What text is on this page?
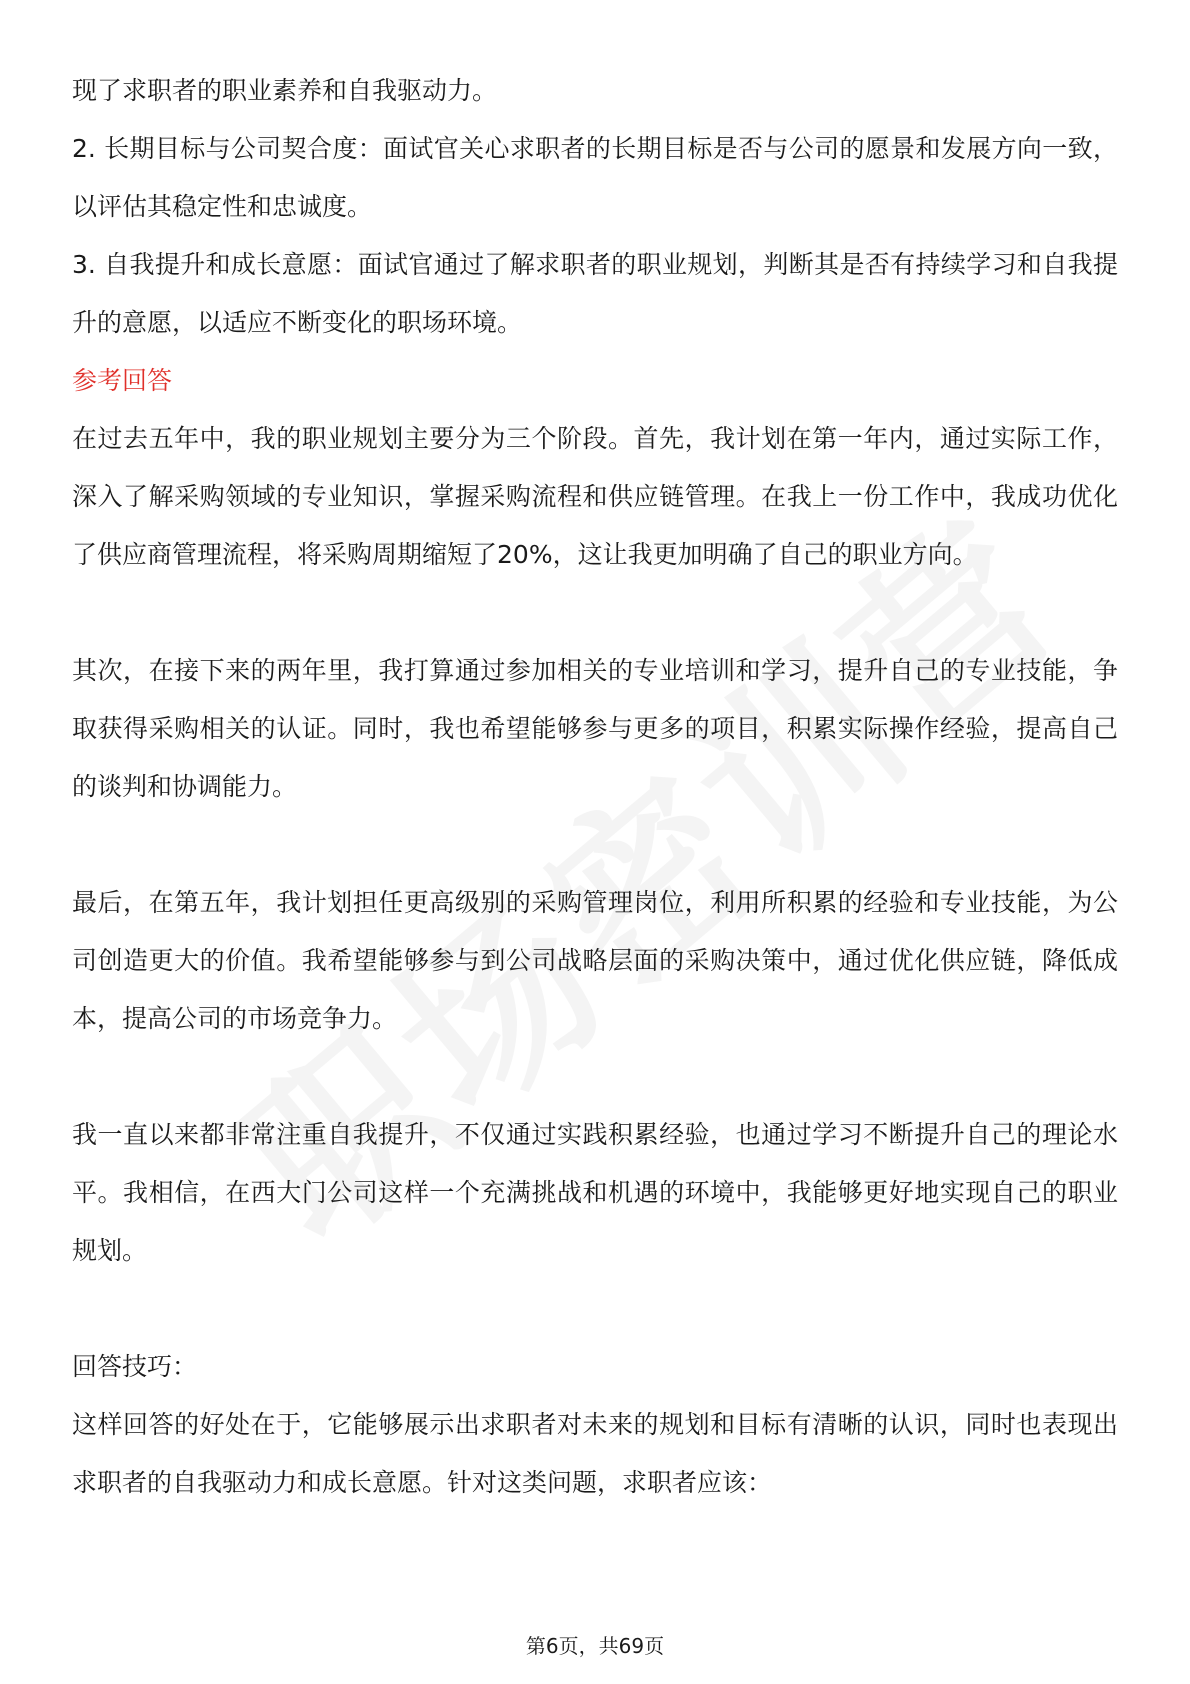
现了求职者的职业素养和自我驱动力。

2. 长期目标与公司契合度：面试官关心求职者的长期目标是否与公司的愿景和发展方向一致，以评估其稳定性和忠诚度。

3. 自我提升和成长意愿：面试官通过了解求职者的职业规划，判断其是否有持续学习和自我提升的意愿，以适应不断变化的职场环境。

参考回答

在过去五年中，我的职业规划主要分为三个阶段。首先，我计划在第一年内，通过实际工作，深入了解采购领域的专业知识，掌握采购流程和供应链管理。在我上一份工作中，我成功优化了供应商管理流程，将采购周期缩短了20%，这让我更加明确了自己的职业方向。

其次，在接下来的两年里，我打算通过参加相关的专业培训和学习，提升自己的专业技能，争取获得采购相关的认证。同时，我也希望能够参与更多的项目，积累实际操作经验，提高自己的谈判和协调能力。

最后，在第五年，我计划担任更高级别的采购管理岗位，利用所积累的经验和专业技能，为公司创造更大的价值。我希望能够参与到公司战略层面的采购决策中，通过优化供应链，降低成本，提高公司的市场竞争力。

我一直以来都非常注重自我提升，不仅通过实践积累经验，也通过学习不断提升自己的理论水平。我相信，在西大门公司这样一个充满挑战和机遇的环境中，我能够更好地实现自己的职业规划。

回答技巧：

这样回答的好处在于，它能够展示出求职者对未来的规划和目标有清晰的认识，同时也表现出求职者的自我驱动力和成长意愿。针对这类问题，求职者应该：

第6页，共69页
